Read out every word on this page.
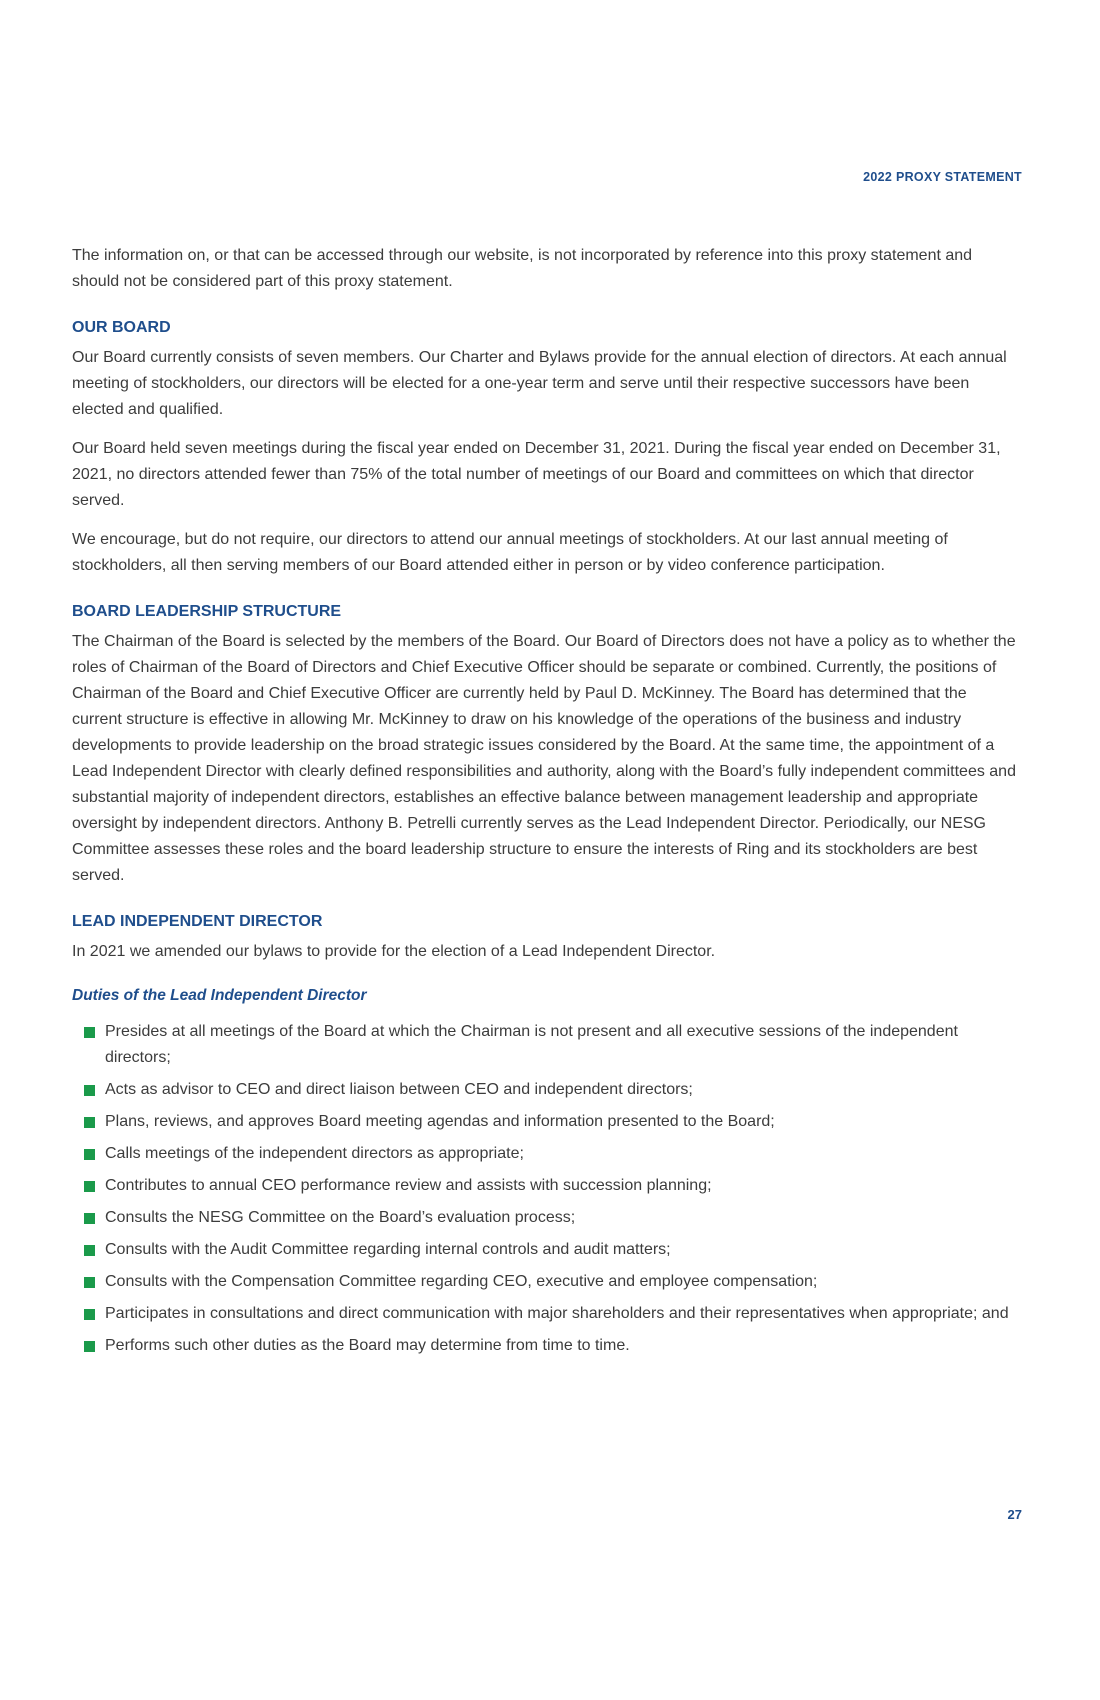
2022 PROXY STATEMENT

The information on, or that can be accessed through our website, is not incorporated by reference into this proxy statement and should not be considered part of this proxy statement.

OUR BOARD

Our Board currently consists of seven members. Our Charter and Bylaws provide for the annual election of directors. At each annual meeting of stockholders, our directors will be elected for a one-year term and serve until their respective successors have been elected and qualified.

Our Board held seven meetings during the fiscal year ended on December 31, 2021. During the fiscal year ended on December 31, 2021, no directors attended fewer than 75% of the total number of meetings of our Board and committees on which that director served.

We encourage, but do not require, our directors to attend our annual meetings of stockholders. At our last annual meeting of stockholders, all then serving members of our Board attended either in person or by video conference participation.

BOARD LEADERSHIP STRUCTURE

The Chairman of the Board is selected by the members of the Board. Our Board of Directors does not have a policy as to whether the roles of Chairman of the Board of Directors and Chief Executive Officer should be separate or combined. Currently, the positions of Chairman of the Board and Chief Executive Officer are currently held by Paul D. McKinney. The Board has determined that the current structure is effective in allowing Mr. McKinney to draw on his knowledge of the operations of the business and industry developments to provide leadership on the broad strategic issues considered by the Board. At the same time, the appointment of a Lead Independent Director with clearly defined responsibilities and authority, along with the Board’s fully independent committees and substantial majority of independent directors, establishes an effective balance between management leadership and appropriate oversight by independent directors. Anthony B. Petrelli currently serves as the Lead Independent Director. Periodically, our NESG Committee assesses these roles and the board leadership structure to ensure the interests of Ring and its stockholders are best served.

LEAD INDEPENDENT DIRECTOR

In 2021 we amended our bylaws to provide for the election of a Lead Independent Director.

Duties of the Lead Independent Director
Presides at all meetings of the Board at which the Chairman is not present and all executive sessions of the independent directors;
Acts as advisor to CEO and direct liaison between CEO and independent directors;
Plans, reviews, and approves Board meeting agendas and information presented to the Board;
Calls meetings of the independent directors as appropriate;
Contributes to annual CEO performance review and assists with succession planning;
Consults the NESG Committee on the Board’s evaluation process;
Consults with the Audit Committee regarding internal controls and audit matters;
Consults with the Compensation Committee regarding CEO, executive and employee compensation;
Participates in consultations and direct communication with major shareholders and their representatives when appropriate; and
Performs such other duties as the Board may determine from time to time.
27
